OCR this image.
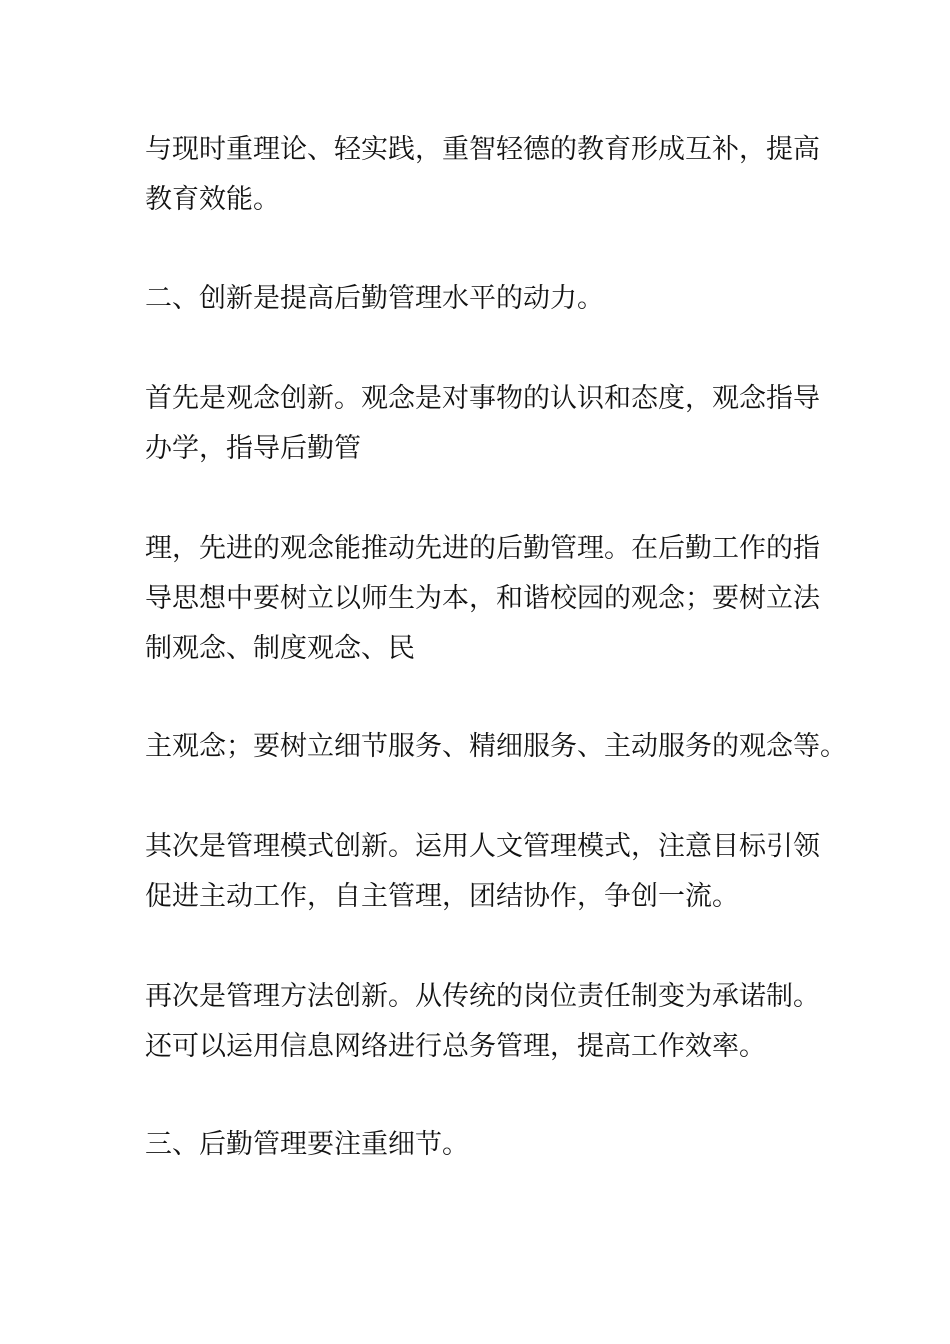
与现时重理论、轻实践，重智轻德的教育形成互补，提高
教育效能。

二、创新是提高后勤管理水平的动力。

首先是观念创新。观念是对事物的认识和态度，观念指导
办学，指导后勤管

理，先进的观念能推动先进的后勤管理。在后勤工作的指
导思想中要树立以师生为本，和谐校园的观念；要树立法
制观念、制度观念、民

主观念；要树立细节服务、精细服务、主动服务的观念等。

其次是管理模式创新。运用人文管理模式，注意目标引领
促进主动工作，自主管理，团结协作，争创一流。

再次是管理方法创新。从传统的岗位责任制变为承诺制。
还可以运用信息网络进行总务管理，提高工作效率。

三、后勤管理要注重细节。
